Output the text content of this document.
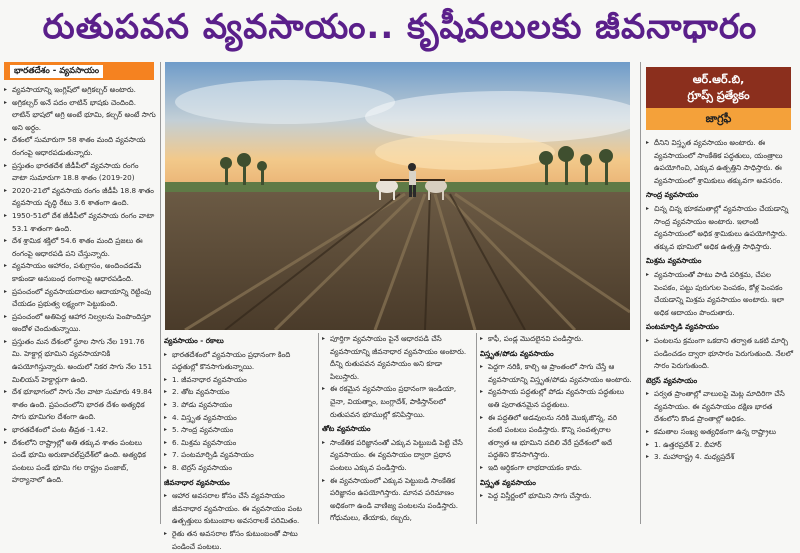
రుతుపవన వ్యవసాయం.. కృషీవలులకు జీవనాధారం
భారతదేశం - వ్యవసాయం
ఆర్.ఆర్.బి,
గ్రూప్స్ ప్రత్యేకం
జాగ్రఫీ

▸ వ్యవసాయాన్ని ఇంగ్లిష్‌లో అగ్రికల్చర్ అంటారు.

▸ అగ్రికల్చర్ అనే పదం లాటిన్ భాషకు చెందింది. లాటిన్ భాషలో అగ్రి అంటే భూమి, కల్చర్ అంటే సాగు అని అర్థం.

▸ దేశంలో సుమారుగా 58 శాతం మంది వ్యవసాయ రంగంపై ఆధారపడుతున్నారు.

▸ ప్రస్తుతం భారతదేశ జీడీపీలో వ్యవసాయ రంగం వాటా సుమారుగా 18.8 శాతం (2019-20)

▸ 2020-21లో వ్యవసాయ రంగం జీడీపీ 18.8 శాతం వ్యవసాయ వృద్ధి రేటు 3.6 శాతంగా ఉంది.

▸ 1950-51లో దేశ జీడీపీలో వ్యవసాయ రంగం వాటా 53.1 శాతంగా ఉంది.

▸ దేశ శ్రామిక శక్తిలో 54.6 శాతం మంది ప్రజలు ఈ రంగంపై ఆధారపడి పని చేస్తున్నారు.

▸ వ్యవసాయం ఆహారం, పశుగ్రాసం, అందించడమే కాకుండా అనుబంధ రంగాలపై ఆధారపడింది.

▸ ప్రపంచంలో వ్యవసాయదారుల ఆదాయాన్ని రెట్టింపు చేయడం ప్రభుత్వ లక్ష్యంగా పెట్టుకుంది.

▸ ప్రపంచంలో అతిపెద్ద ఆహార నిల్వలను పెంపొందిస్తూ ఆందోళ చెందుతున్నాయి.

▸ ప్రస్తుతం మన దేశంలో స్థూల సాగు నేల 191.76 మి. హెక్టార్ల భూమిని వ్యవసాయానికి ఉపయోగిస్తున్నారు. అందులో నికర సాగు నేల 151 మిలియన్ హెక్టార్లుగా ఉంది.

▸ దేశ భూభాగంలో సాగు నేల వాటా సుమారు 49.84 శాతం ఉంది. ప్రపంచంలోని భారత దేశం అత్యధిక సాగు భూమిగల దేశంగా ఉంది.

▸ భారతదేశంలో పంట తీవ్రత -1.42.

▸ దేశంలోని రాష్ట్రాల్లో అతి తక్కువ శాతం పంటలు పండే భూమి అరుణాచల్‌ప్రదేశ్‌లో ఉంది. అత్యధిక పంటలు పండే భూమి గల రాష్ట్రం పంజాబ్, హర్యానాలో ఉంది.

వ్యవసాయం - రకాలు

▸ భారతదేశంలో వ్యవసాయం ప్రధానంగా కింది పద్ధతుల్లో కొనసాగుతున్నాయి.

▸ 1. జీవనాధార వ్యవసాయం

▸ 2. తోట వ్యవసాయం

▸ 3. పోడు వ్యవసాయం

▸ 4. విస్తృత వ్యవసాయం

▸ 5. సాంద్ర వ్యవసాయం

▸ 6. మిశ్రమ వ్యవసాయం

▸ 7. పంటమార్పిడి వ్యవసాయం

▸ 8. టెర్రస్ వ్యవసాయం

జీవనాధార వ్యవసాయం

▸ ఆహార అవసరాల కోసం చేసే వ్యవసాయం జీవనాధార వ్యవసాయం. ఈ వ్యవసాయం పంట ఉత్పత్తులు కుటుంబాల అవసరాలకే పరిమితం.

▸ రైతు తన అవసరాల కోసం కుటుంబంతో పాటు పండించే పంటలు.

▸ పూర్తిగా వ్యవసాయం పైనే ఆధారపడి చేసే వ్యవసాయాన్ని జీవనాధార వ్యవసాయం అంటారు. దీన్ని రుతుపవన వ్యవసాయం అని కూడా పిలుస్తారు.

▸ ఈ రకమైన వ్యవసాయం ప్రధానంగా ఇండియా, చైనా, వియత్నాం, బంగ్లాదేశ్, పాకిస్తాన్‌లలో రుతుపవన భూముల్లో కనిపిస్తాయి.

తోట వ్యవసాయం

▸ సాంకేతిక పరిజ్ఞానంతో ఎక్కువ పెట్టుబడి పెట్టి చేసే వ్యవసాయం. ఈ వ్యవసాయం ద్వారా ప్రధాన పంటలు ఎక్కువ పండిస్తారు.

▸ ఈ వ్యవసాయంలో ఎక్కువ పెట్టుబడి సాంకేతిక పరిజ్ఞానం ఉపయోగిస్తారు. మానవ పరిమాణం అధికంగా ఉండి వాణిజ్య పంటలను పండిస్తారు. గోధుమలు, తేయాకు, రబ్బరు,

▸ కాఫీ, పండ్ల మొదలైనవి పండిస్తారు.

విస్తృత/పోడు వ్యవసాయం

▸ పెద్దగా నరికి, కాల్చి ఆ ప్రాంతంలో సాగు చేస్తే ఆ వ్యవసాయాన్ని విస్తృత/పోడు వ్యవసాయం అంటారు.

▸ వ్యవసాయ పద్ధతుల్లో పోడు వ్యవసాయ పద్ధతులు అతి పురాతనమైన పద్ధతులు.

▸ ఈ పద్ధతిలో అడవులను నరికి మొక్కజొన్న, వరి వంటి పంటలు పండిస్తారు. కొన్ని సంవత్సరాల తర్వాత ఆ భూమిని వదిలి వేరే ప్రదేశంలో అదే పద్ధతిని కొనసాగిస్తారు.

▸ ఇది ఆర్థికంగా లాభదాయకం కాదు.

విస్తృత వ్యవసాయం

▸ పెద్ద విస్తీర్ణంలో భూమిని సాగు చేస్తారు.

▸ దీనిని విస్తృత వ్యవసాయం అంటారు. ఈ వ్యవసాయంలో సాంకేతిక పద్ధతులు, యంత్రాలు ఉపయోగించి, ఎక్కువ ఉత్పత్తిని సాధిస్తారు. ఈ వ్యవసాయంలో శ్రామికులు తక్కువగా అవసరం.

సాంద్ర వ్యవసాయం

▸ చిన్న చిన్న భూకమతాల్లో వ్యవసాయం చేయడాన్ని సాంద్ర వ్యవసాయం అంటారు. ఇలాంటి వ్యవసాయంలో అధిక శ్రామికులు ఉపయోగిస్తారు. తక్కువ భూమిలో అధిక ఉత్పత్తి సాధిస్తారు.

మిశ్రమ వ్యవసాయం

▸ వ్యవసాయంతో పాటు పాడి పరిశ్రమ, చేపల పెంపకం, పట్టు పురుగుల పెంపకం, కోళ్ల పెంపకం చేయడాన్ని మిశ్రమ వ్యవసాయం అంటారు. ఇలా అధిక ఆదాయం పొందుతారు.

పంటమార్పిడి వ్యవసాయం

▸ పంటలను క్రమంగా ఒకదాని తర్వాత ఒకటి మార్చి పండించడం ద్వారా భూసారం పెరుగుతుంది. నేలలో సారం పెరుగుతుంది.

టెర్రస్ వ్యవసాయం

▸ పర్వత ప్రాంతాల్లో వాలులపై మెట్ల మాదిరిగా చేసే వ్యవసాయం. ఈ వ్యవసాయం దక్షిణ భారత దేశంలోని కొండ ప్రాంతాల్లో అధికం.

▸ కమతాల సంఖ్య అత్యధికంగా ఉన్న రాష్ట్రాలు

▸ 1. ఉత్తరప్రదేశ్ 2. బీహార్

▸ 3. మహారాష్ట్ర 4. మధ్యప్రదేశ్
